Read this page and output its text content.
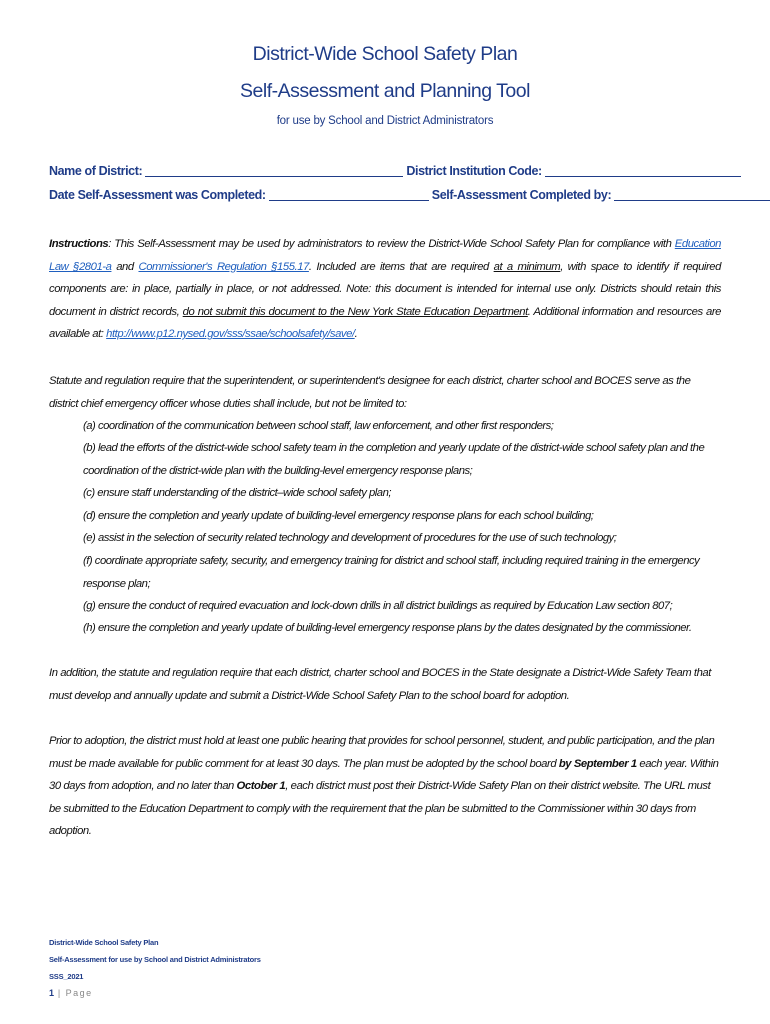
District-Wide School Safety Plan
Self-Assessment and Planning Tool
for use by School and District Administrators
Name of District:	District Institution Code:
Date Self-Assessment was Completed:	Self-Assessment Completed by:
Instructions: This Self-Assessment may be used by administrators to review the District-Wide School Safety Plan for compliance with Education Law §2801-a and Commissioner's Regulation §155.17. Included are items that are required at a minimum, with space to identify if required components are: in place, partially in place, or not addressed. Note: this document is intended for internal use only. Districts should retain this document in district records, do not submit this document to the New York State Education Department. Additional information and resources are available at: http://www.p12.nysed.gov/sss/ssae/schoolsafety/save/.
Statute and regulation require that the superintendent, or superintendent's designee for each district, charter school and BOCES serve as the district chief emergency officer whose duties shall include, but not be limited to:
(a) coordination of the communication between school staff, law enforcement, and other first responders;
(b) lead the efforts of the district-wide school safety team in the completion and yearly update of the district-wide school safety plan and the coordination of the district-wide plan with the building-level emergency response plans;
(c) ensure staff understanding of the district–wide school safety plan;
(d) ensure the completion and yearly update of building-level emergency response plans for each school building;
(e) assist in the selection of security related technology and development of procedures for the use of such technology;
(f) coordinate appropriate safety, security, and emergency training for district and school staff, including required training in the emergency response plan;
(g) ensure the conduct of required evacuation and lock-down drills in all district buildings as required by Education Law section 807;
(h) ensure the completion and yearly update of building-level emergency response plans by the dates designated by the commissioner.
In addition, the statute and regulation require that each district, charter school and BOCES in the State designate a District-Wide Safety Team that must develop and annually update and submit a District-Wide School Safety Plan to the school board for adoption.
Prior to adoption, the district must hold at least one public hearing that provides for school personnel, student, and public participation, and the plan must be made available for public comment for at least 30 days. The plan must be adopted by the school board by September 1 each year. Within 30 days from adoption, and no later than October 1, each district must post their District-Wide Safety Plan on their district website. The URL must be submitted to the Education Department to comply with the requirement that the plan be submitted to the Commissioner within 30 days from adoption.
District-Wide School Safety Plan
Self-Assessment for use by School and District Administrators
SSS_2021
1 | Page
